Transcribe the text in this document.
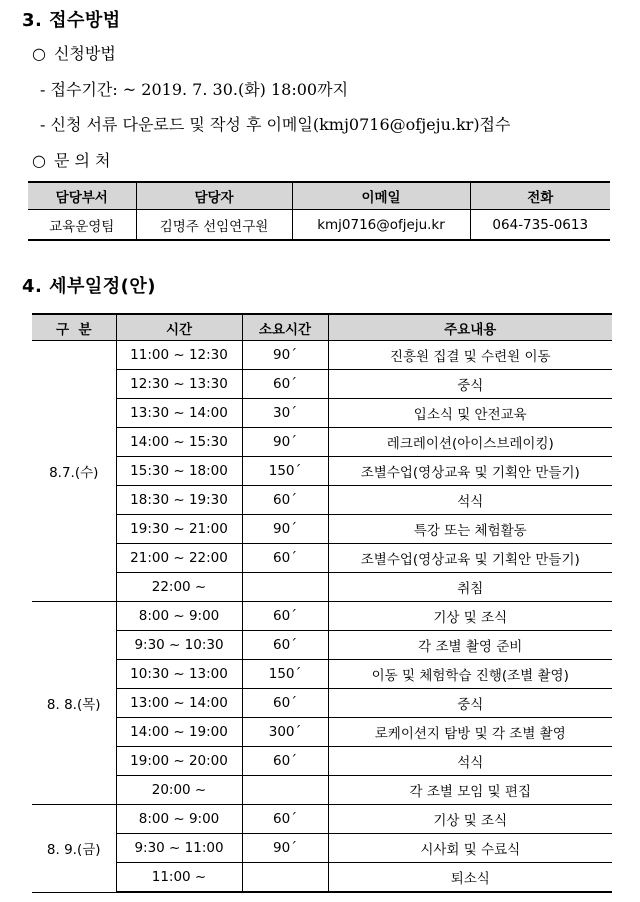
3. 접수방법
○ 신청방법
- 접수기간: ~ 2019. 7. 30.(화) 18:00까지
- 신청 서류 다운로드 및 작성 후 이메일(kmj0716@ofjeju.kr)접수
○ 문 의 처
담당부서	담당자	이메일	전화
교육운영팀	김명주 선임연구원	kmj0716@ofjeju.kr	064-735-0613
4. 세부일정(안)
구  분	시간	소요시간	주요내용
8.7.(수)	11:00 ~ 12:30	90´	진흥원 집결 및 수련원 이동
	12:30 ~ 13:30	60´	중식
	13:30 ~ 14:00	30´	입소식 및 안전교육
	14:00 ~ 15:30	90´	레크레이션(아이스브레이킹)
	15:30 ~ 18:00	150´	조별수업(영상교육 및 기획안 만들기)
	18:30 ~ 19:30	60´	석식
	19:30 ~ 21:00	90´	특강 또는 체험활동
	21:00 ~ 22:00	60´	조별수업(영상교육 및 기획안 만들기)
	22:00 ~		취침
8. 8.(목)	8:00 ~ 9:00	60´	기상 및 조식
	9:30 ~ 10:30	60´	각 조별 촬영 준비
	10:30 ~ 13:00	150´	이동 및 체험학습 진행(조별 촬영)
	13:00 ~ 14:00	60´	중식
	14:00 ~ 19:00	300´	로케이션지 탐방 및 각 조별 촬영
	19:00 ~ 20:00	60´	석식
	20:00 ~		각 조별 모임 및 편집
8. 9.(금)	8:00 ~ 9:00	60´	기상 및 조식
	9:30 ~ 11:00	90´	시사회 및 수료식
	11:00 ~		퇴소식
